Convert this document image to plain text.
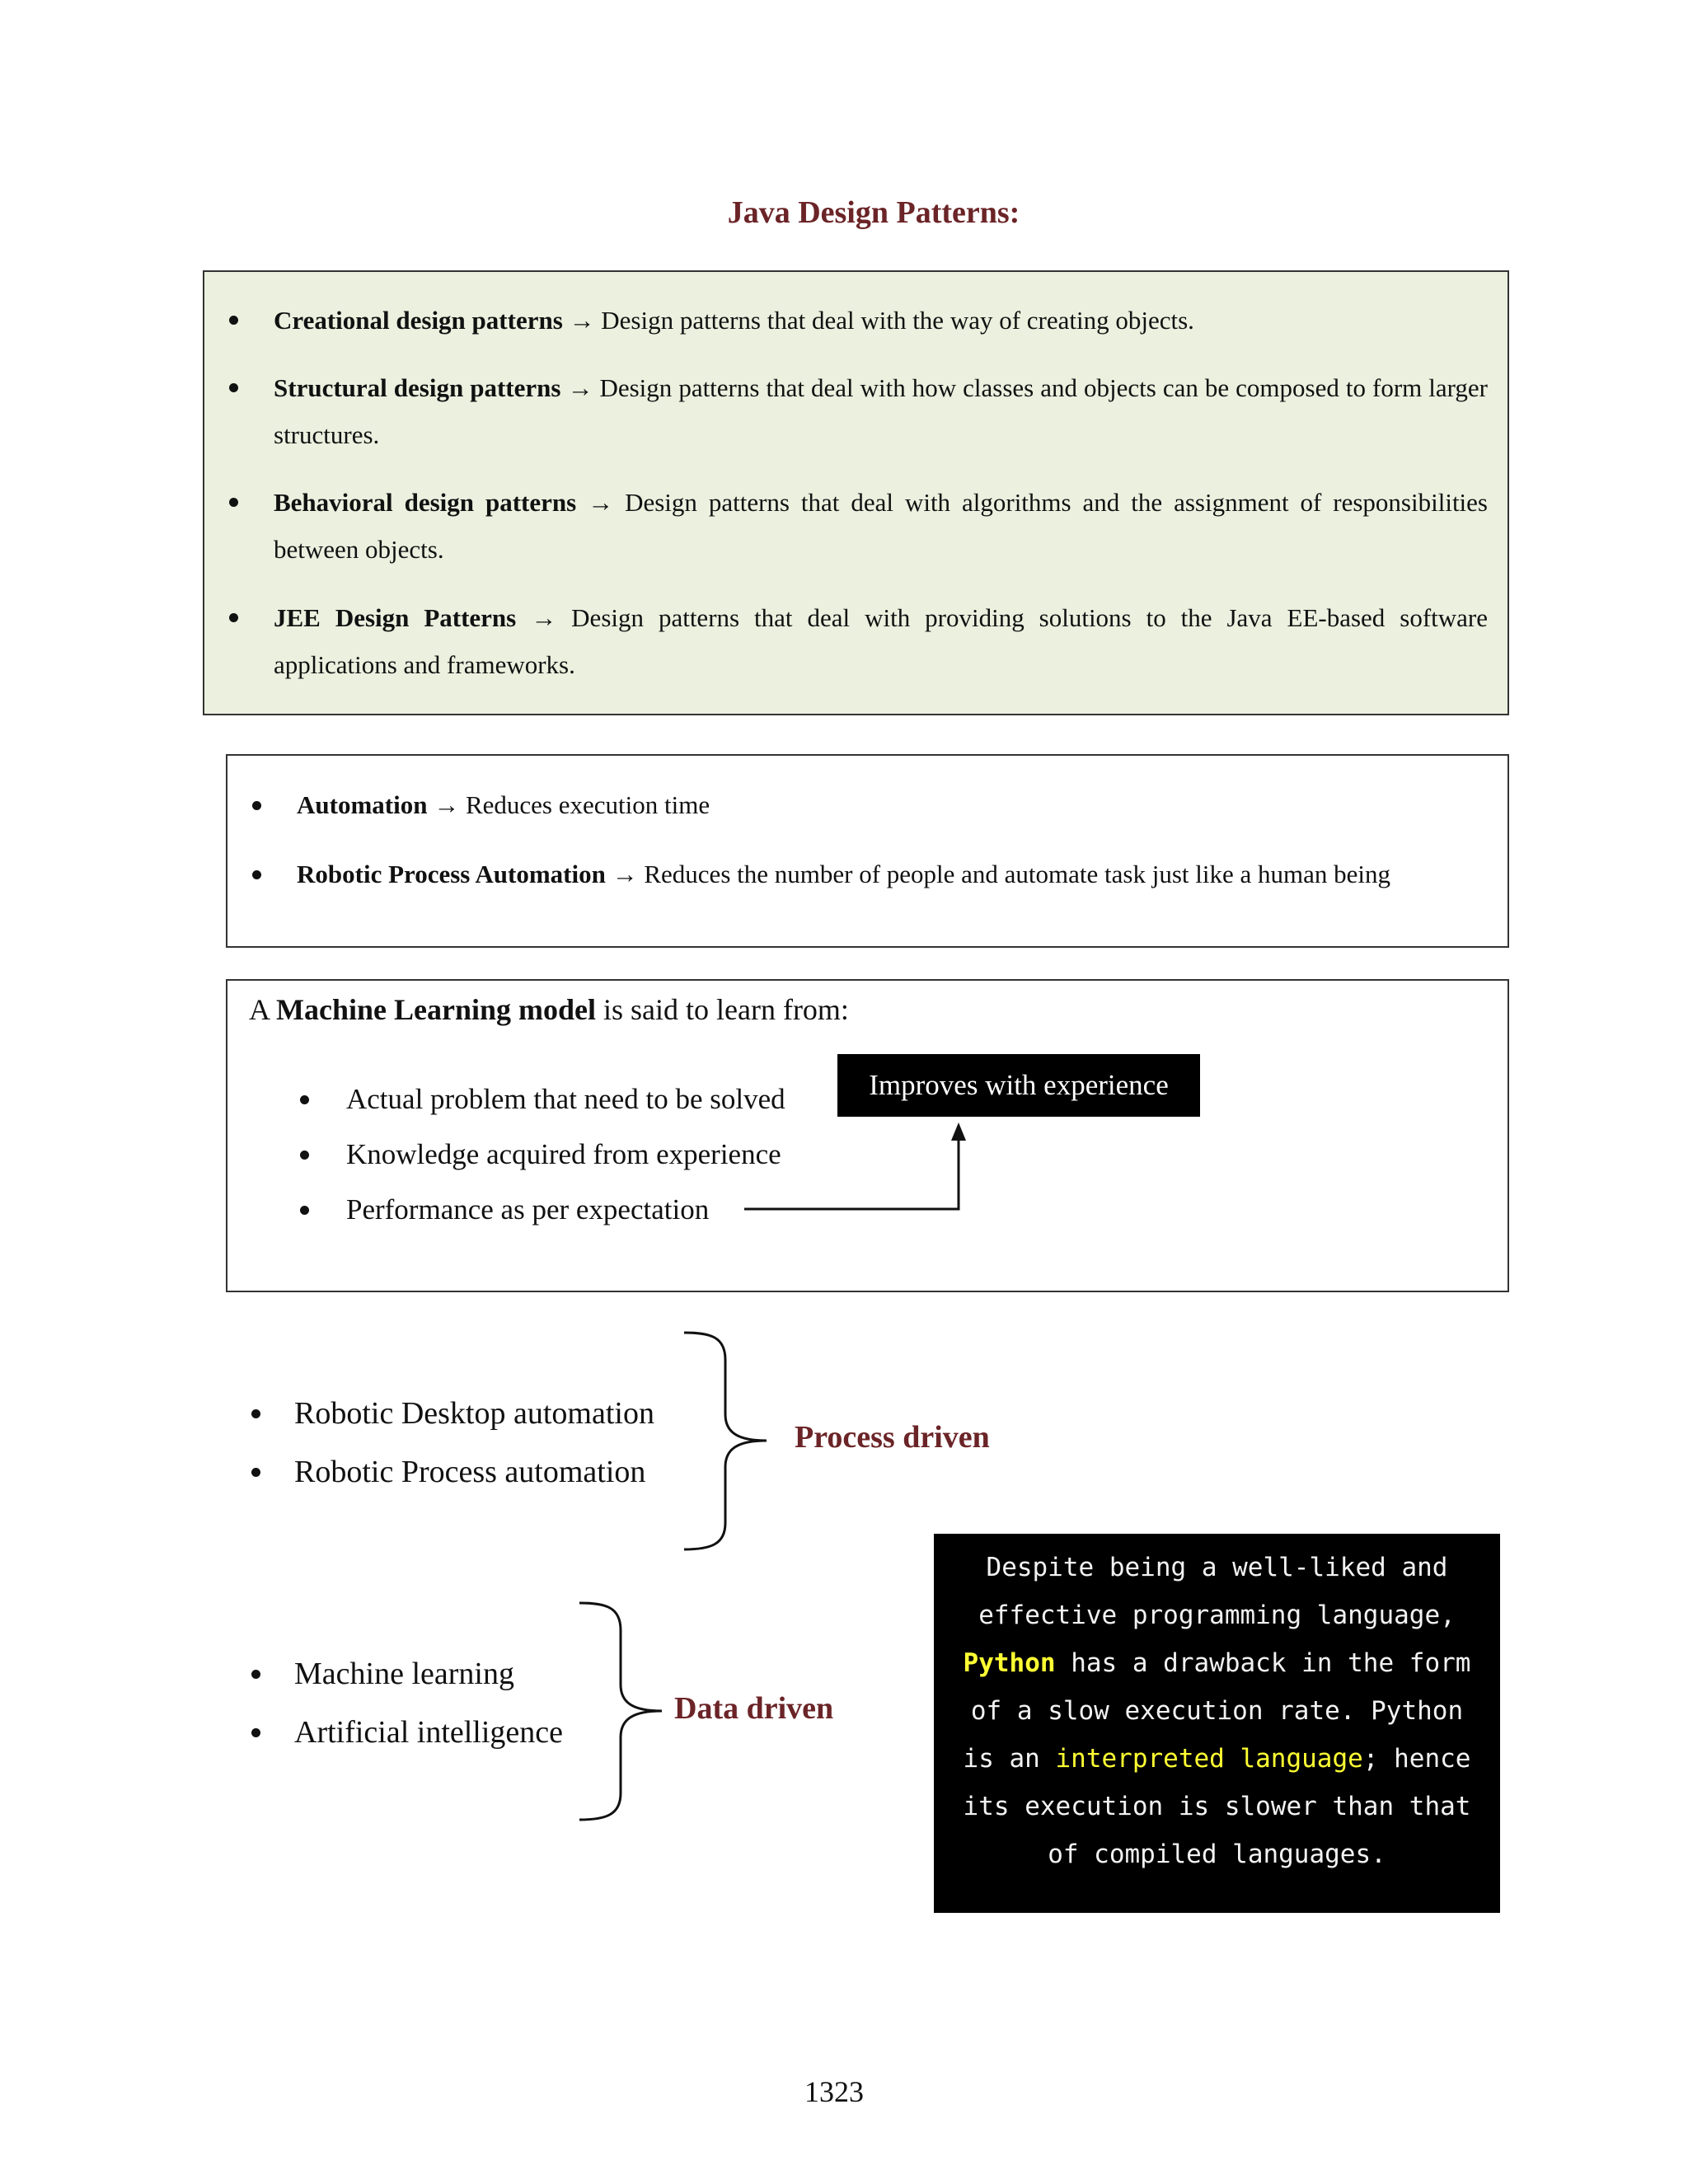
Java Design Patterns:
Creational design patterns → Design patterns that deal with the way of creating objects.
Structural design patterns → Design patterns that deal with how classes and objects can be composed to form larger structures.
Behavioral design patterns → Design patterns that deal with algorithms and the assignment of responsibilities between objects.
JEE Design Patterns → Design patterns that deal with providing solutions to the Java EE-based software applications and frameworks.
Automation → Reduces execution time
Robotic Process Automation → Reduces the number of people and automate task just like a human being
A Machine Learning model is said to learn from:
Actual problem that need to be solved
Knowledge acquired from experience
Performance as per expectation
Improves with experience
Robotic Desktop automation
Robotic Process automation
Process driven
Machine learning
Artificial intelligence
Data driven
Despite being a well-liked and
effective programming language,
Python has a drawback in the form
of a slow execution rate. Python
is an interpreted language; hence
its execution is slower than that
of compiled languages.
1323
